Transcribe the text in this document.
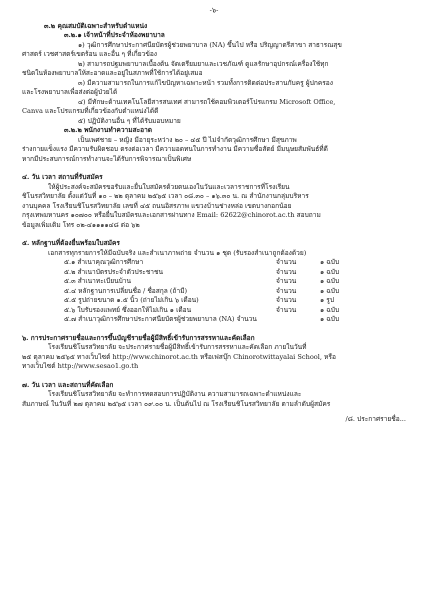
-๖-

๓.๒ คุณสมบัติเฉพาะสำหรับตำแหน่ง

๓.๒.๑ เจ้าหน้าที่ประจำห้องพยาบาล

๑) วุฒิการศึกษาประกาศนียบัตรผู้ช่วยพยาบาล (NA) ขึ้นไป หรือ ปริญญาตรีสาขา สาธารณสุข

ศาสตร์ เวชศาสตร์เขตร้อน และอื่น ๆ ที่เกี่ยวข้อง

๒) สามารถปฐมพยาบาลเบื้องต้น จัดเตรียมยาและเวชภัณฑ์ ดูแลรักษาอุปกรณ์เครื่องใช้ทุก

ชนิดในห้องพยาบาลให้สะอาดและอยู่ในสภาพที่ใช้การได้อยู่เสมอ

๓) มีความสามารถในการแก้ไขปัญหาเฉพาะหน้า รวมทั้งการติดต่อประสานกับครู ผู้ปกครอง

และโรงพยาบาลเพื่อส่งต่อผู้ป่วยได้

๔) มีทักษะด้านเทคโนโลยีสารสนเทศ สามารถใช้คอมพิวเตอร์โปรแกรม Microsoft Office,

Canva และโปรแกรมที่เกี่ยวข้องกับตำแหน่งได้ดี

๕) ปฏิบัติงานอื่น ๆ ที่ได้รับมอบหมาย

๓.๒.๒ พนักงานทำความสะอาด

เป็นเพศชาย – หญิง มีอายุระหว่าง ๒๐ – ๔๕ ปี ไม่จำกัดวุฒิการศึกษา มีสุขภาพ

ร่างกายแข็งแรง มีความรับผิดชอบ ตรงต่อเวลา มีความอดทนในการทำงาน มีความซื่อสัตย์ มีมนุษยสัมพันธ์ที่ดี

หากมีประสบการณ์การทำงานจะได้รับการพิจารณาเป็นพิเศษ

๔. วัน เวลา สถานที่รับสมัคร

ให้ผู้ประสงค์จะสมัครขอรับและยื่นใบสมัครด้วยตนเองในวันและเวลาราชการที่โรงเรียน

ชิโนรสวิทยาลัย ตั้งแต่วันที่ ๑๐ – ๒๒ ตุลาคม ๒๕๖๕ เวลา ๐๘.๓๐ – ๑๖.๓๐ น. ณ สำนักงานกลุ่มบริหาร

งานบุคคล โรงเรียนชิโนรสวิทยาลัย เลขที่ ๔๕ ถนนอิสรภาพ แขวงบ้านช่างหล่อ เขตบางกอกน้อย

กรุงเทพมหานคร ๑๐๗๐๐ หรือยื่นใบสมัครและเอกสารผ่านทาง Email: 62622@chinorot.ac.th สอบถาม

ข้อมูลเพิ่มเติม โทร ๐๒-๔๑๑๑๑๔๘ ต่อ ๖๒

๕. หลักฐานที่ต้องยื่นพร้อมใบสมัคร

เอกสารทุกรายการให้มีฉบับจริง และสำเนาภาพถ่าย จำนวน ๑ ชุด (รับรองสำเนาถูกต้องด้วย)

๕.๑ สำเนาคุณวุฒิการศึกษา	จำนวน	๑ ฉบับ
๕.๒ สำเนาบัตรประจำตัวประชาชน	จำนวน	๑ ฉบับ
๕.๓ สำเนาทะเบียนบ้าน	จำนวน	๑ ฉบับ
๕.๔ หลักฐานการเปลี่ยนชื่อ / ชื่อสกุล (ถ้ามี)	จำนวน	๑ ฉบับ
๕.๕ รูปถ่ายขนาด ๑.๕ นิ้ว (ถ่ายไม่เกิน ๖ เดือน)	จำนวน	๑ รูป
๕.๖ ใบรับรองแพทย์ ซึ่งออกให้ไม่เกิน ๑ เดือน	จำนวน	๑ ฉบับ
๕.๗ สำเนาวุฒิการศึกษาประกาศนียบัตรผู้ช่วยพยาบาล (NA) จำนวน	๑ ฉบับ

๖. การประกาศรายชื่อและการขึ้นบัญชีรายชื่อผู้มีสิทธิ์เข้ารับการสรรหาและคัดเลือก

โรงเรียนชิโนรสวิทยาลัย จะประกาศรายชื่อผู้มีสิทธิ์เข้ารับการสรรหาและคัดเลือก ภายในวันที่

๒๕ ตุลาคม ๒๕๖๕ ทางเว็บไซต์ http://www.chinorot.ac.th หรือเฟสบุ๊ก Chinorotwittayalai School, หรือ

ทางเว็บไซต์ http://www.sesao1.go.th

๗. วัน เวลา และสถานที่คัดเลือก

โรงเรียนชิโนรสวิทยาลัย จะทำการทดสอบการปฏิบัติงาน ความสามารถเฉพาะตำแหน่งและ

สัมภาษณ์ ในวันที่ ๒๗ ตุลาคม ๒๕๖๕ เวลา ๐๙.๐๐ น. เป็นต้นไป ณ โรงเรียนชิโนรสวิทยาลัย ตามลำดับผู้สมัคร

/๘. ประกาศรายชื่อ...
